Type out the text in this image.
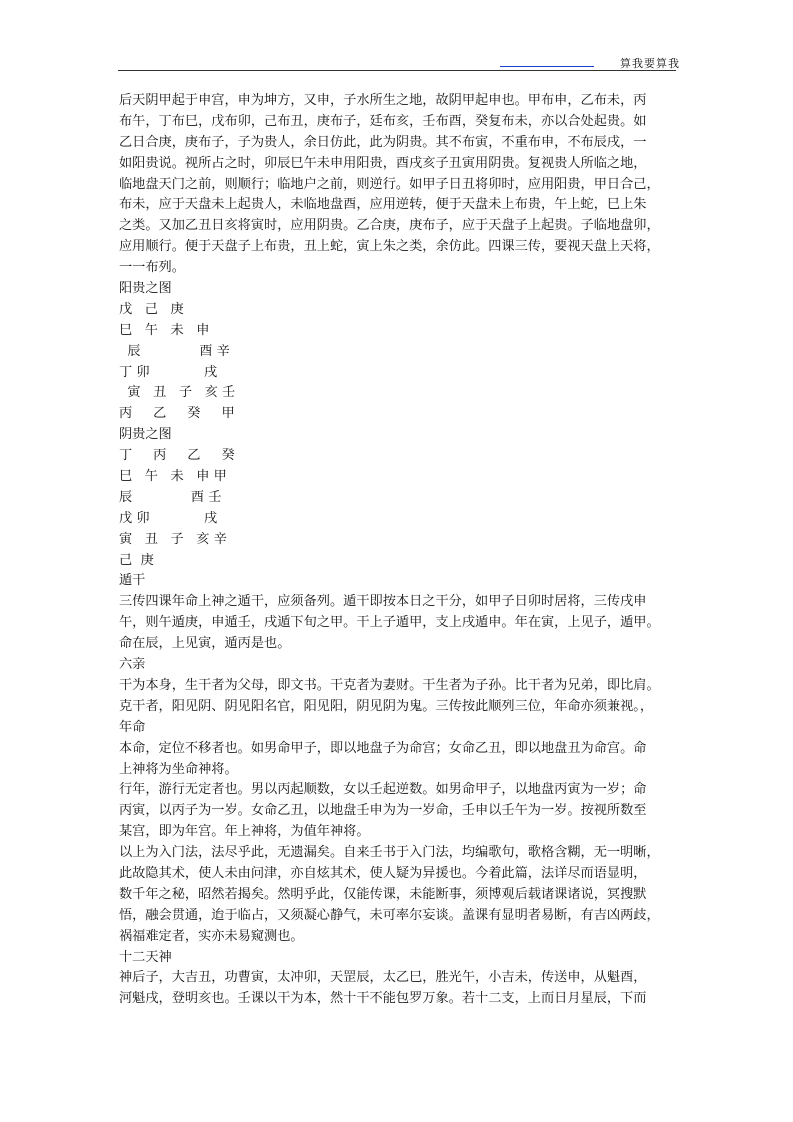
算我要算我
后天阴甲起于申宫，申为坤方，又申，子水所生之地，故阴甲起申也。甲布申，乙布未，丙
布午，丁布巳，戊布卯，己布丑，庚布子，廷布亥，壬布酉，癸复布未，亦以合处起贵。如
乙日合庚，庚布子，子为贵人，余日仿此，此为阴贵。其不布寅，不重布申，不布辰戌，一
如阳贵说。视所占之时，卯辰巳午未申用阳贵，酉戌亥子丑寅用阴贵。复视贵人所临之地，
临地盘天门之前，则顺行；临地户之前，则逆行。如甲子日丑将卯时，应用阳贵，甲日合己，
布未，应于天盘未上起贵人，未临地盘酉，应用逆转，便于天盘未上布贵，午上蛇，巳上朱
之类。又加乙丑日亥将寅时，应用阴贵。乙合庚，庚布子，应于天盘子上起贵。子临地盘卯，
应用顺行。便于天盘子上布贵，丑上蛇，寅上朱之类，余仿此。四课三传，要视天盘上天将，
一一布列。
阳贵之图
戊   己   庚
巳   午   未   申
辰              酉 辛
丁 卯             戌
寅   丑   子   亥 壬
丙     乙     癸     甲
阴贵之图
丁     丙     乙     癸
巳   午   未   申 甲
辰              酉 壬
戊 卯             戌
寅   丑   子   亥 辛
己  庚
遁干
三传四课年命上神之遁干，应须备列。遁干即按本日之干分，如甲子日卯时居将，三传戌申
午，则午遁庚，申遁壬，戌遁下旬之甲。干上子遁甲，支上戌遁申。年在寅，上见子，遁甲。
命在辰，上见寅，遁丙是也。
六亲
干为本身，生干者为父母，即文书。干克者为妻财。干生者为子孙。比干者为兄弟，即比肩。
克干者，阳见阴、阴见阳名官，阳见阳，阴见阴为鬼。三传按此顺列三位，年命亦须兼视。，
年命
本命，定位不移者也。如男命甲子，即以地盘子为命宫；女命乙丑，即以地盘丑为命宫。命
上神将为坐命神将。
行年，游行无定者也。男以丙起顺数，女以壬起逆数。如男命甲子，以地盘丙寅为一岁；命
丙寅，以丙子为一岁。女命乙丑，以地盘壬申为为一岁命，壬申以壬午为一岁。按视所数至
某宫，即为年宫。年上神将，为值年神将。
以上为入门法，法尽乎此，无遗漏矣。自来壬书于入门法，均编歌句，歌格含糊，无一明晰，
此故隐其术，使人未由问津，亦自炫其术，使人疑为异援也。今着此篇，法详尽而语显明，
数千年之秘，昭然若揭矣。然明乎此，仅能传课，未能断事，须博观后载诸课诸说，冥搜默
悟，融会贯通，迨于临占，又须凝心静气，未可率尔妄谈。盖课有显明者易断，有吉凶两歧，
祸福难定者，实亦未易窥测也。
十二天神
神后子，大吉丑，功曹寅，太冲卯，天罡辰，太乙巳，胜光午，小吉未，传送申，从魁酉，
河魁戌，登明亥也。壬课以干为本，然十干不能包罗万象。若十二支，上而日月星辰，下而
